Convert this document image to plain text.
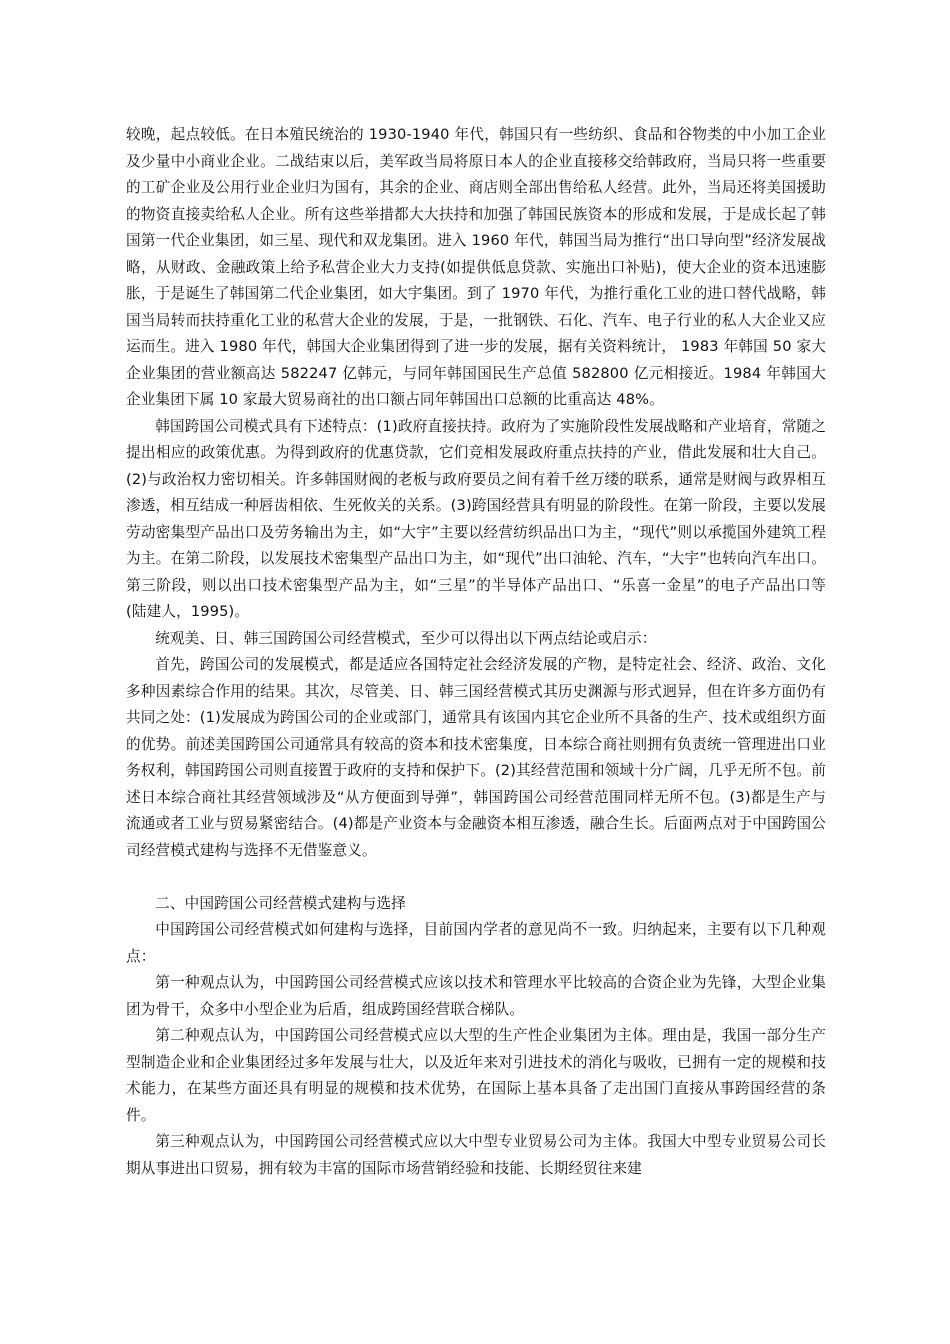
较晚，起点较低。在日本殖民统治的 1930-1940 年代，韩国只有一些纺织、食品和谷物类的中小加工企业及少量中小商业企业。二战结束以后，美军政当局将原日本人的企业直接移交给韩政府，当局只将一些重要的工矿企业及公用行业企业归为国有，其余的企业、商店则全部出售给私人经营。此外，当局还将美国援助的物资直接卖给私人企业。所有这些举措都大大扶持和加强了韩国民族资本的形成和发展，于是成长起了韩国第一代企业集团，如三星、现代和双龙集团。进入 1960 年代，韩国当局为推行“出口导向型”经济发展战略，从财政、金融政策上给予私营企业大力支持(如提供低息贷款、实施出口补贴)，使大企业的资本迅速膨胀，于是诞生了韩国第二代企业集团，如大宇集团。到了 1970 年代，为推行重化工业的进口替代战略，韩国当局转而扶持重化工业的私营大企业的发展，于是，一批钢铁、石化、汽车、电子行业的私人大企业又应运而生。进入 1980 年代，韩国大企业集团得到了进一步的发展，据有关资料统计， 1983 年韩国 50 家大企业集团的营业额高达 582247 亿韩元，与同年韩国国民生产总值 582800 亿元相接近。1984 年韩国大企业集团下属 10 家最大贸易商社的出口额占同年韩国出口总额的比重高达 48%。

韩国跨国公司模式具有下述特点：(1)政府直接扶持。政府为了实施阶段性发展战略和产业培育，常随之提出相应的政策优惠。为得到政府的优惠贷款，它们竞相发展政府重点扶持的产业，借此发展和壮大自己。(2)与政治权力密切相关。许多韩国财阀的老板与政府要员之间有着千丝万缕的联系，通常是财阀与政界相互渗透，相互结成一种唇齿相依、生死攸关的关系。(3)跨国经营具有明显的阶段性。在第一阶段，主要以发展劳动密集型产品出口及劳务输出为主，如“大宇”主要以经营纺织品出口为主，“现代”则以承揽国外建筑工程为主。在第二阶段，以发展技术密集型产品出口为主，如“现代”出口油轮、汽车，“大宇”也转向汽车出口。第三阶段，则以出口技术密集型产品为主，如“三星”的半导体产品出口、“乐喜一金星”的电子产品出口等(陆建人，1995)。

统观美、日、韩三国跨国公司经营模式，至少可以得出以下两点结论或启示：

首先，跨国公司的发展模式，都是适应各国特定社会经济发展的产物，是特定社会、经济、政治、文化多种因素综合作用的结果。其次，尽管美、日、韩三国经营模式其历史渊源与形式迥异，但在许多方面仍有共同之处：(1)发展成为跨国公司的企业或部门，通常具有该国内其它企业所不具备的生产、技术或组织方面的优势。前述美国跨国公司通常具有较高的资本和技术密集度，日本综合商社则拥有负责统一管理进出口业务权利，韩国跨国公司则直接置于政府的支持和保护下。(2)其经营范围和领域十分广阔，几乎无所不包。前述日本综合商社其经营领域涉及“从方便面到导弹”，韩国跨国公司经营范围同样无所不包。(3)都是生产与流通或者工业与贸易紧密结合。(4)都是产业资本与金融资本相互渗透，融合生长。后面两点对于中国跨国公司经营模式建构与选择不无借鉴意义。

二、中国跨国公司经营模式建构与选择

中国跨国公司经营模式如何建构与选择，目前国内学者的意见尚不一致。归纳起来，主要有以下几种观点：

第一种观点认为，中国跨国公司经营模式应该以技术和管理水平比较高的合资企业为先锋，大型企业集团为骨干，众多中小型企业为后盾，组成跨国经营联合梯队。

第二种观点认为，中国跨国公司经营模式应以大型的生产性企业集团为主体。理由是，我国一部分生产型制造企业和企业集团经过多年发展与壮大，以及近年来对引进技术的消化与吸收，已拥有一定的规模和技术能力，在某些方面还具有明显的规模和技术优势，在国际上基本具备了走出国门直接从事跨国经营的条件。

第三种观点认为，中国跨国公司经营模式应以大中型专业贸易公司为主体。我国大中型专业贸易公司长期从事进出口贸易，拥有较为丰富的国际市场营销经验和技能、长期经贸往来建
